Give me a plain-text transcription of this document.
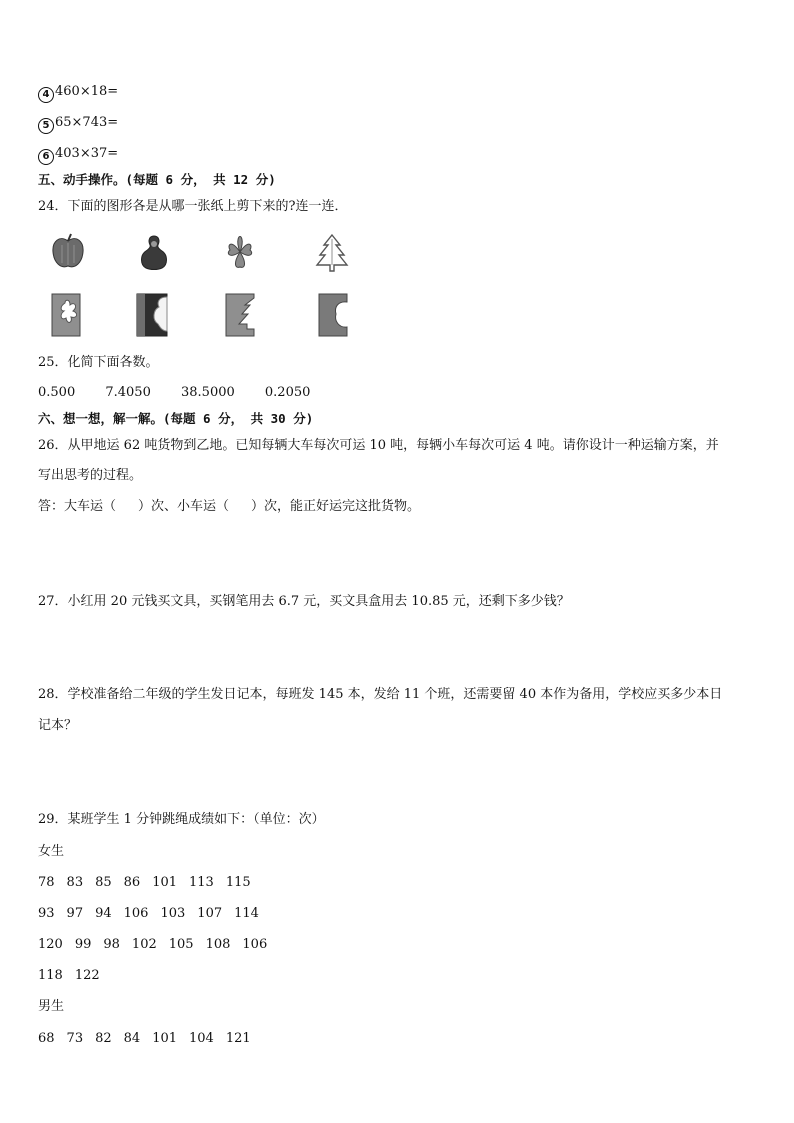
4 460×18=
5 65×743=
6 403×37=
五、动手操作。(每题 6 分， 共 12 分)
24．下面的图形各是从哪一张纸上剪下来的?连一连．
25．化简下面各数。
0.500 7.4050 38.5000 0.2050
六、想一想，解一解。(每题 6 分， 共 30 分)
26．从甲地运 62 吨货物到乙地。已知每辆大车每次可运 10 吨，每辆小车每次可运 4 吨。请你设计一种运输方案，并
写出思考的过程。
答：大车运（ ）次、小车运（ ）次，能正好运完这批货物。
27．小红用 20 元钱买文具，买钢笔用去 6.7 元，买文具盒用去 10.85 元，还剩下多少钱？
28．学校准备给二年级的学生发日记本，每班发 145 本，发给 11 个班，还需要留 40 本作为备用，学校应买多少本日
记本？
29．某班学生 1 分钟跳绳成绩如下：（单位：次）
女生
78 83 85 86 101 113 115
93 97 94 106 103 107 114
120 99 98 102 105 108 106
118 122
男生
68 73 82 84 101 104 121
